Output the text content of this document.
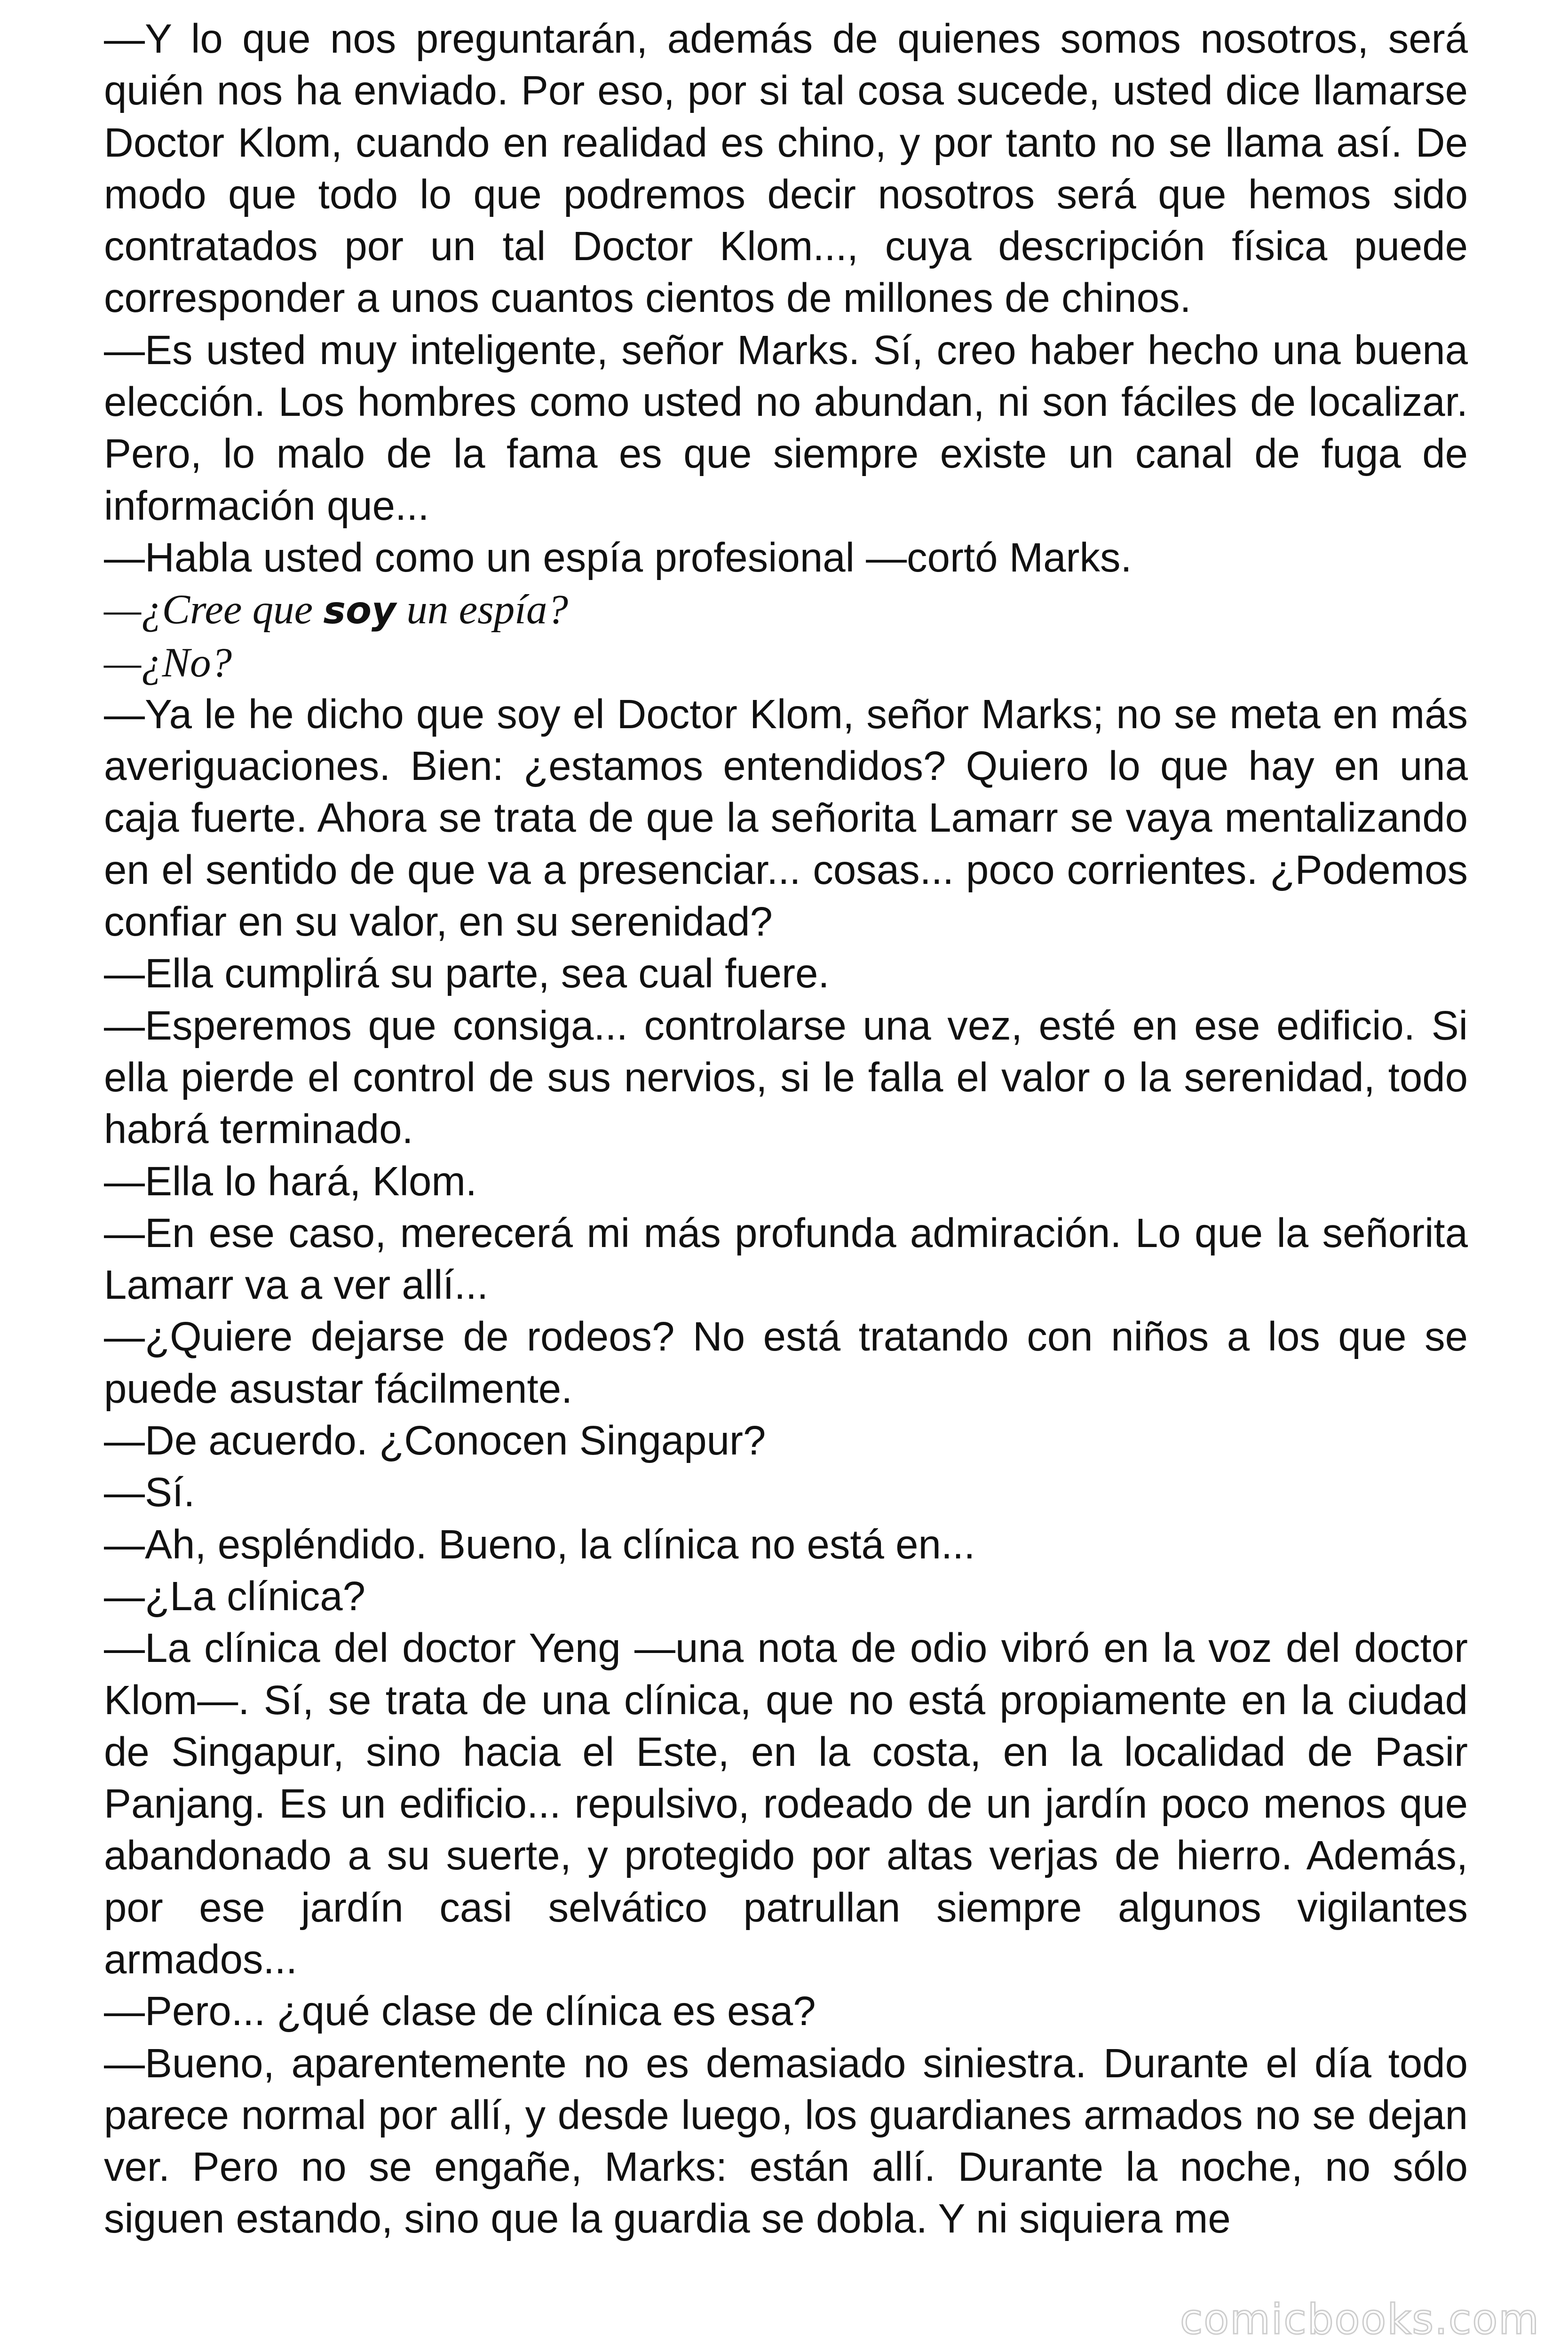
—Y lo que nos preguntarán, además de quienes somos nosotros, será quién nos ha enviado. Por eso, por si tal cosa sucede, usted dice llamarse Doctor Klom, cuando en realidad es chino, y por tanto no se llama así. De modo que todo lo que podremos decir nosotros será que hemos sido contratados por un tal Doctor Klom..., cuya descripción física puede corresponder a unos cuantos cientos de millones de chinos.

—Es usted muy inteligente, señor Marks. Sí, creo haber hecho una buena elección. Los hombres como usted no abundan, ni son fáciles de localizar. Pero, lo malo de la fama es que siempre existe un canal de fuga de información que...

—Habla usted como un espía profesional —cortó Marks.

—¿Cree que soy un espía?

—¿No?

—Ya le he dicho que soy el Doctor Klom, señor Marks; no se meta en más averiguaciones. Bien: ¿estamos entendidos? Quiero lo que hay en una caja fuerte. Ahora se trata de que la señorita Lamarr se vaya mentalizando en el sentido de que va a presenciar... cosas... poco corrientes. ¿Podemos confiar en su valor, en su serenidad?

—Ella cumplirá su parte, sea cual fuere.

—Esperemos que consiga... controlarse una vez, esté en ese edificio. Si ella pierde el control de sus nervios, si le falla el valor o la serenidad, todo habrá terminado.

—Ella lo hará, Klom.

—En ese caso, merecerá mi más profunda admiración. Lo que la señorita Lamarr va a ver allí...

—¿Quiere dejarse de rodeos? No está tratando con niños a los que se puede asustar fácilmente.

—De acuerdo. ¿Conocen Singapur?

—Sí.

—Ah, espléndido. Bueno, la clínica no está en...

—¿La clínica?

—La clínica del doctor Yeng —una nota de odio vibró en la voz del doctor Klom—. Sí, se trata de una clínica, que no está propiamente en la ciudad de Singapur, sino hacia el Este, en la costa, en la localidad de Pasir Panjang. Es un edificio... repulsivo, rodeado de un jardín poco menos que abandonado a su suerte, y protegido por altas verjas de hierro. Además, por ese jardín casi selvático patrullan siempre algunos vigilantes armados...

—Pero... ¿qué clase de clínica es esa?

—Bueno, aparentemente no es demasiado siniestra. Durante el día todo parece normal por allí, y desde luego, los guardianes armados no se dejan ver. Pero no se engañe, Marks: están allí. Durante la noche, no sólo siguen estando, sino que la guardia se dobla. Y ni siquiera me

comicbooks.com
